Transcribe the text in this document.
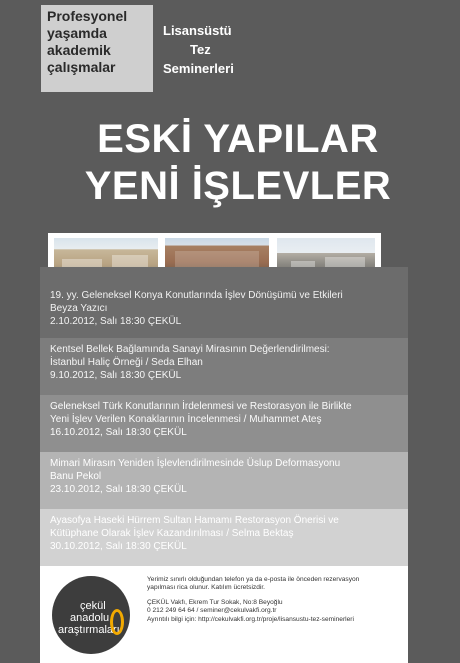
Profesyonel
yaşamda
akademik
çalışmalar
Lisansüstü
Tez
Seminerleri
ESKİ YAPILAR
YENİ İŞLEVLER
19. yy. Geleneksel Konya Konutlarında İşlev Dönüşümü ve Etkileri
Beyza Yazıcı
2.10.2012, Salı 18:30 ÇEKÜL
Kentsel Bellek Bağlamında Sanayi Mirasının Değerlendirilmesi:
İstanbul Haliç Örneği / Seda Elhan
9.10.2012, Salı 18:30 ÇEKÜL
Geleneksel Türk Konutlarının İrdelenmesi ve Restorasyon ile Birlikte
Yeni İşlev Verilen Konaklarının İncelenmesi / Muhammet Ateş
16.10.2012, Salı 18:30 ÇEKÜL
Mimari Mirasın Yeniden İşlevlendirilmesinde Üslup Deformasyonu
Banu Pekol
23.10.2012, Salı 18:30 ÇEKÜL
Ayasofya Haseki Hürrem Sultan Hamamı Restorasyon Önerisi ve
Kütüphane Olarak İşlev Kazandırılması / Selma Bektaş
30.10.2012, Salı 18:30 ÇEKÜL
çekül
anadolu
araştırmaları
Yerimiz sınırlı olduğundan telefon ya da e-posta ile önceden rezervasyon
yapılması rica olunur. Katılım ücretsizdir.
ÇEKÜL Vakfı, Ekrem Tur Sokak, No:8 Beyoğlu
0 212 249 64 64 / seminer@cekulvakfi.org.tr
Ayrıntılı bilgi için: http://cekulvakfi.org.tr/proje/lisansustu-tez-seminerleri
